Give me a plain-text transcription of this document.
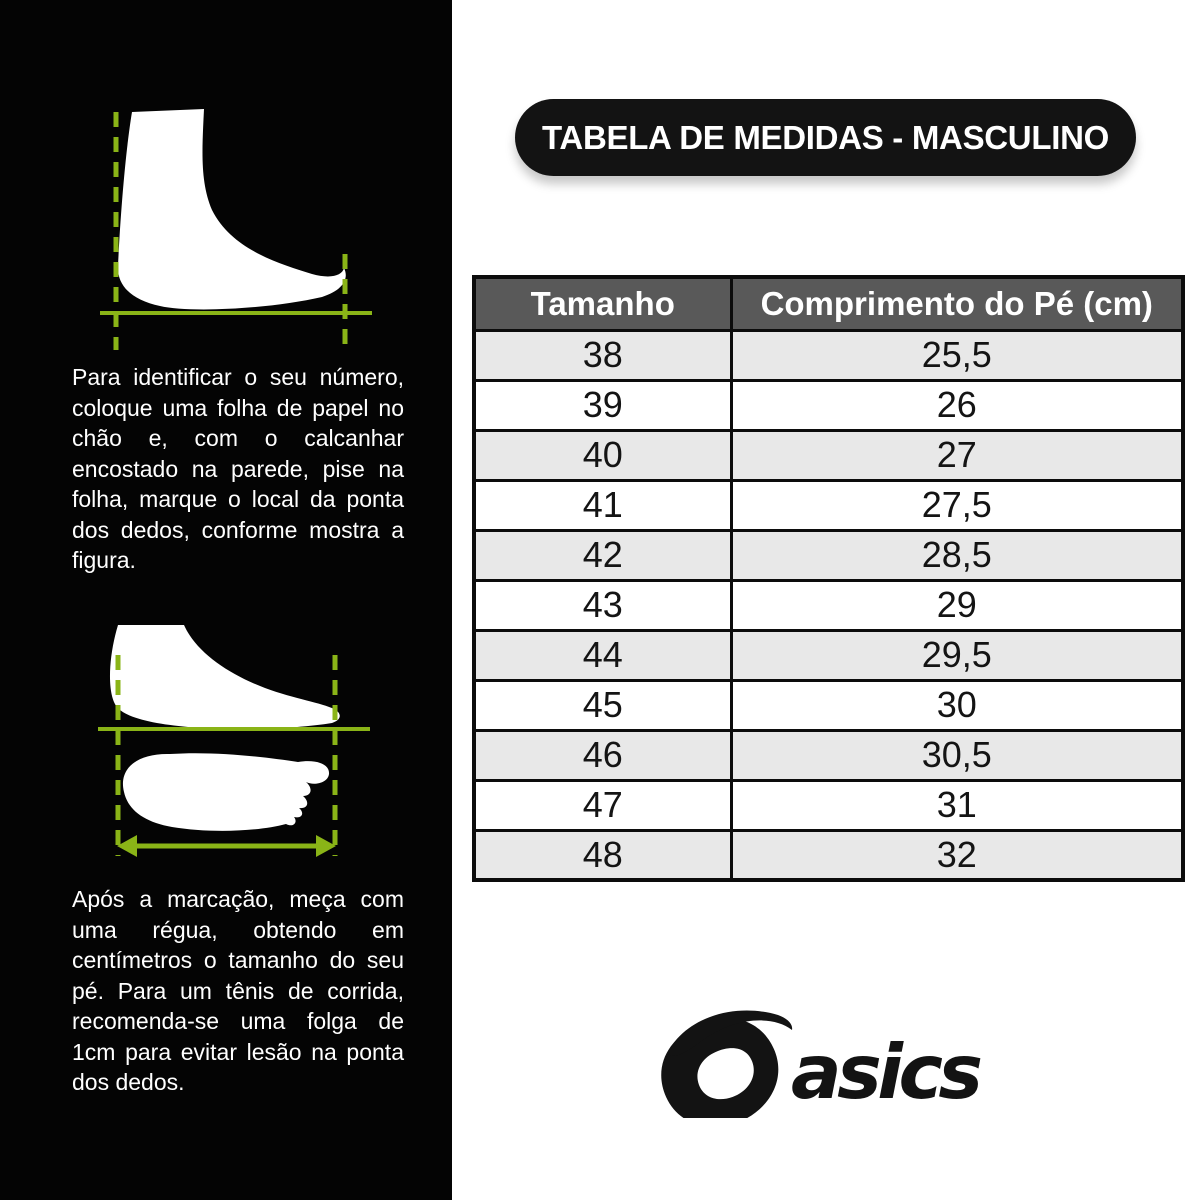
Para identificar o seu número, coloque uma folha de papel no chão e, com o calcanhar encostado na parede, pise na folha, marque o local da ponta dos dedos, conforme mostra a figura.

Após a marcação, meça com uma régua, obtendo em centímetros o tamanho do seu pé. Para um tênis de corrida, recomenda-se uma folga de 1cm para evitar lesão na ponta dos dedos.

TABELA DE MEDIDAS - MASCULINO
Tamanho	Comprimento do Pé (cm)
38	25,5
39	26
40	27
41	27,5
42	28,5
43	29
44	29,5
45	30
46	30,5
47	31
48	32
asics
